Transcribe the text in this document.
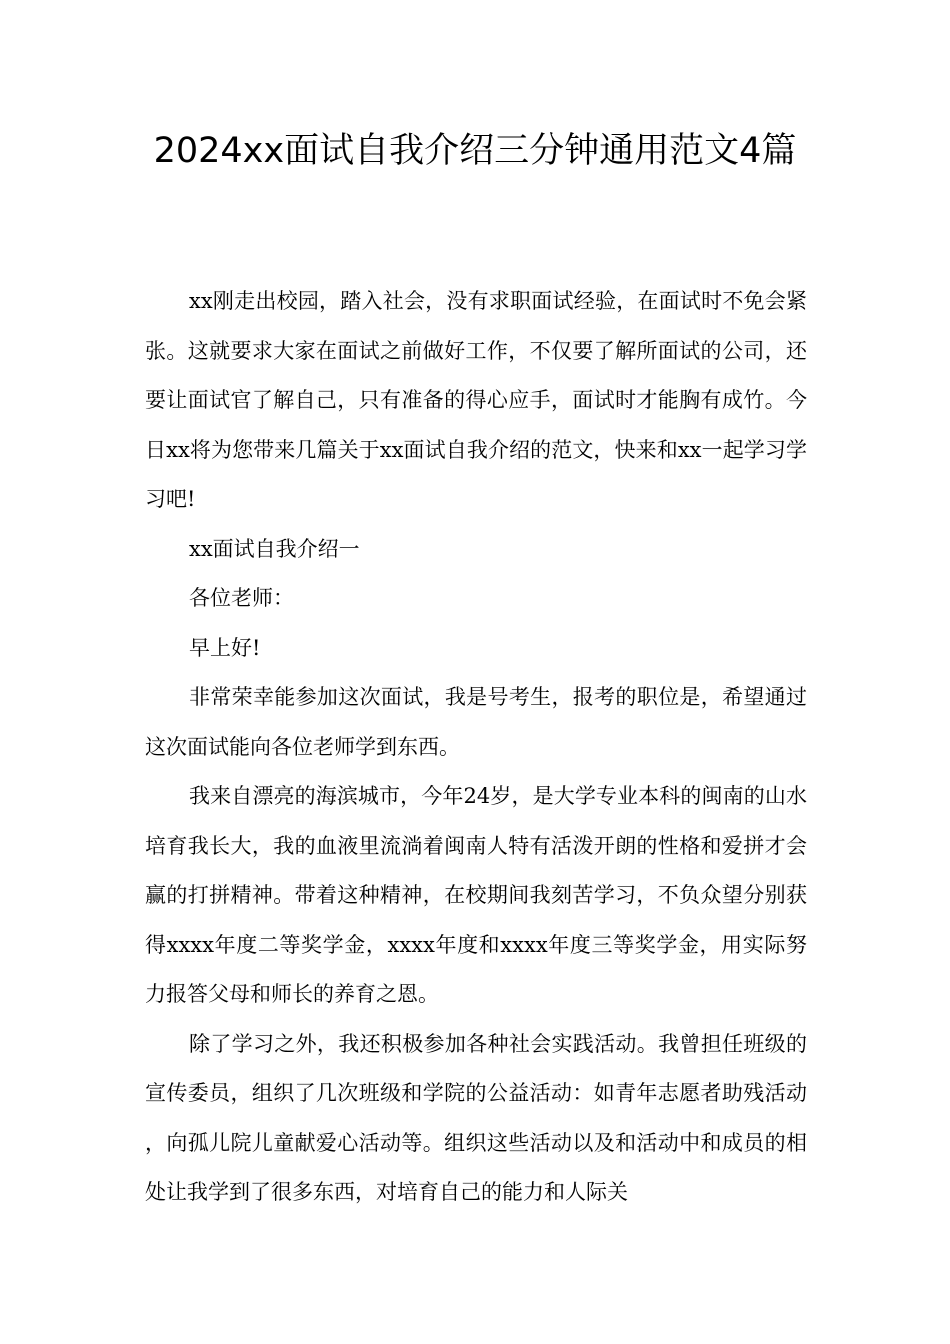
2024xx面试自我介绍三分钟通用范文4篇

xx刚走出校园，踏入社会，没有求职面试经验，在面试时不免会紧张。这就要求大家在面试之前做好工作，不仅要了解所面试的公司，还要让面试官了解自己，只有准备的得心应手，面试时才能胸有成竹。今日xx将为您带来几篇关于xx面试自我介绍的范文，快来和xx一起学习学习吧!

xx面试自我介绍一

各位老师：

早上好!

非常荣幸能参加这次面试，我是号考生，报考的职位是，希望通过这次面试能向各位老师学到东西。

我来自漂亮的海滨城市，今年24岁，是大学专业本科的闽南的山水培育我长大，我的血液里流淌着闽南人特有活泼开朗的性格和爱拼才会赢的打拼精神。带着这种精神，在校期间我刻苦学习，不负众望分别获得xxxx年度二等奖学金，xxxx年度和xxxx年度三等奖学金，用实际努力报答父母和师长的养育之恩。

除了学习之外，我还积极参加各种社会实践活动。我曾担任班级的宣传委员，组织了几次班级和学院的公益活动：如青年志愿者助残活动，向孤儿院儿童献爱心活动等。组织这些活动以及和活动中和成员的相处让我学到了很多东西，对培育自己的能力和人际关
